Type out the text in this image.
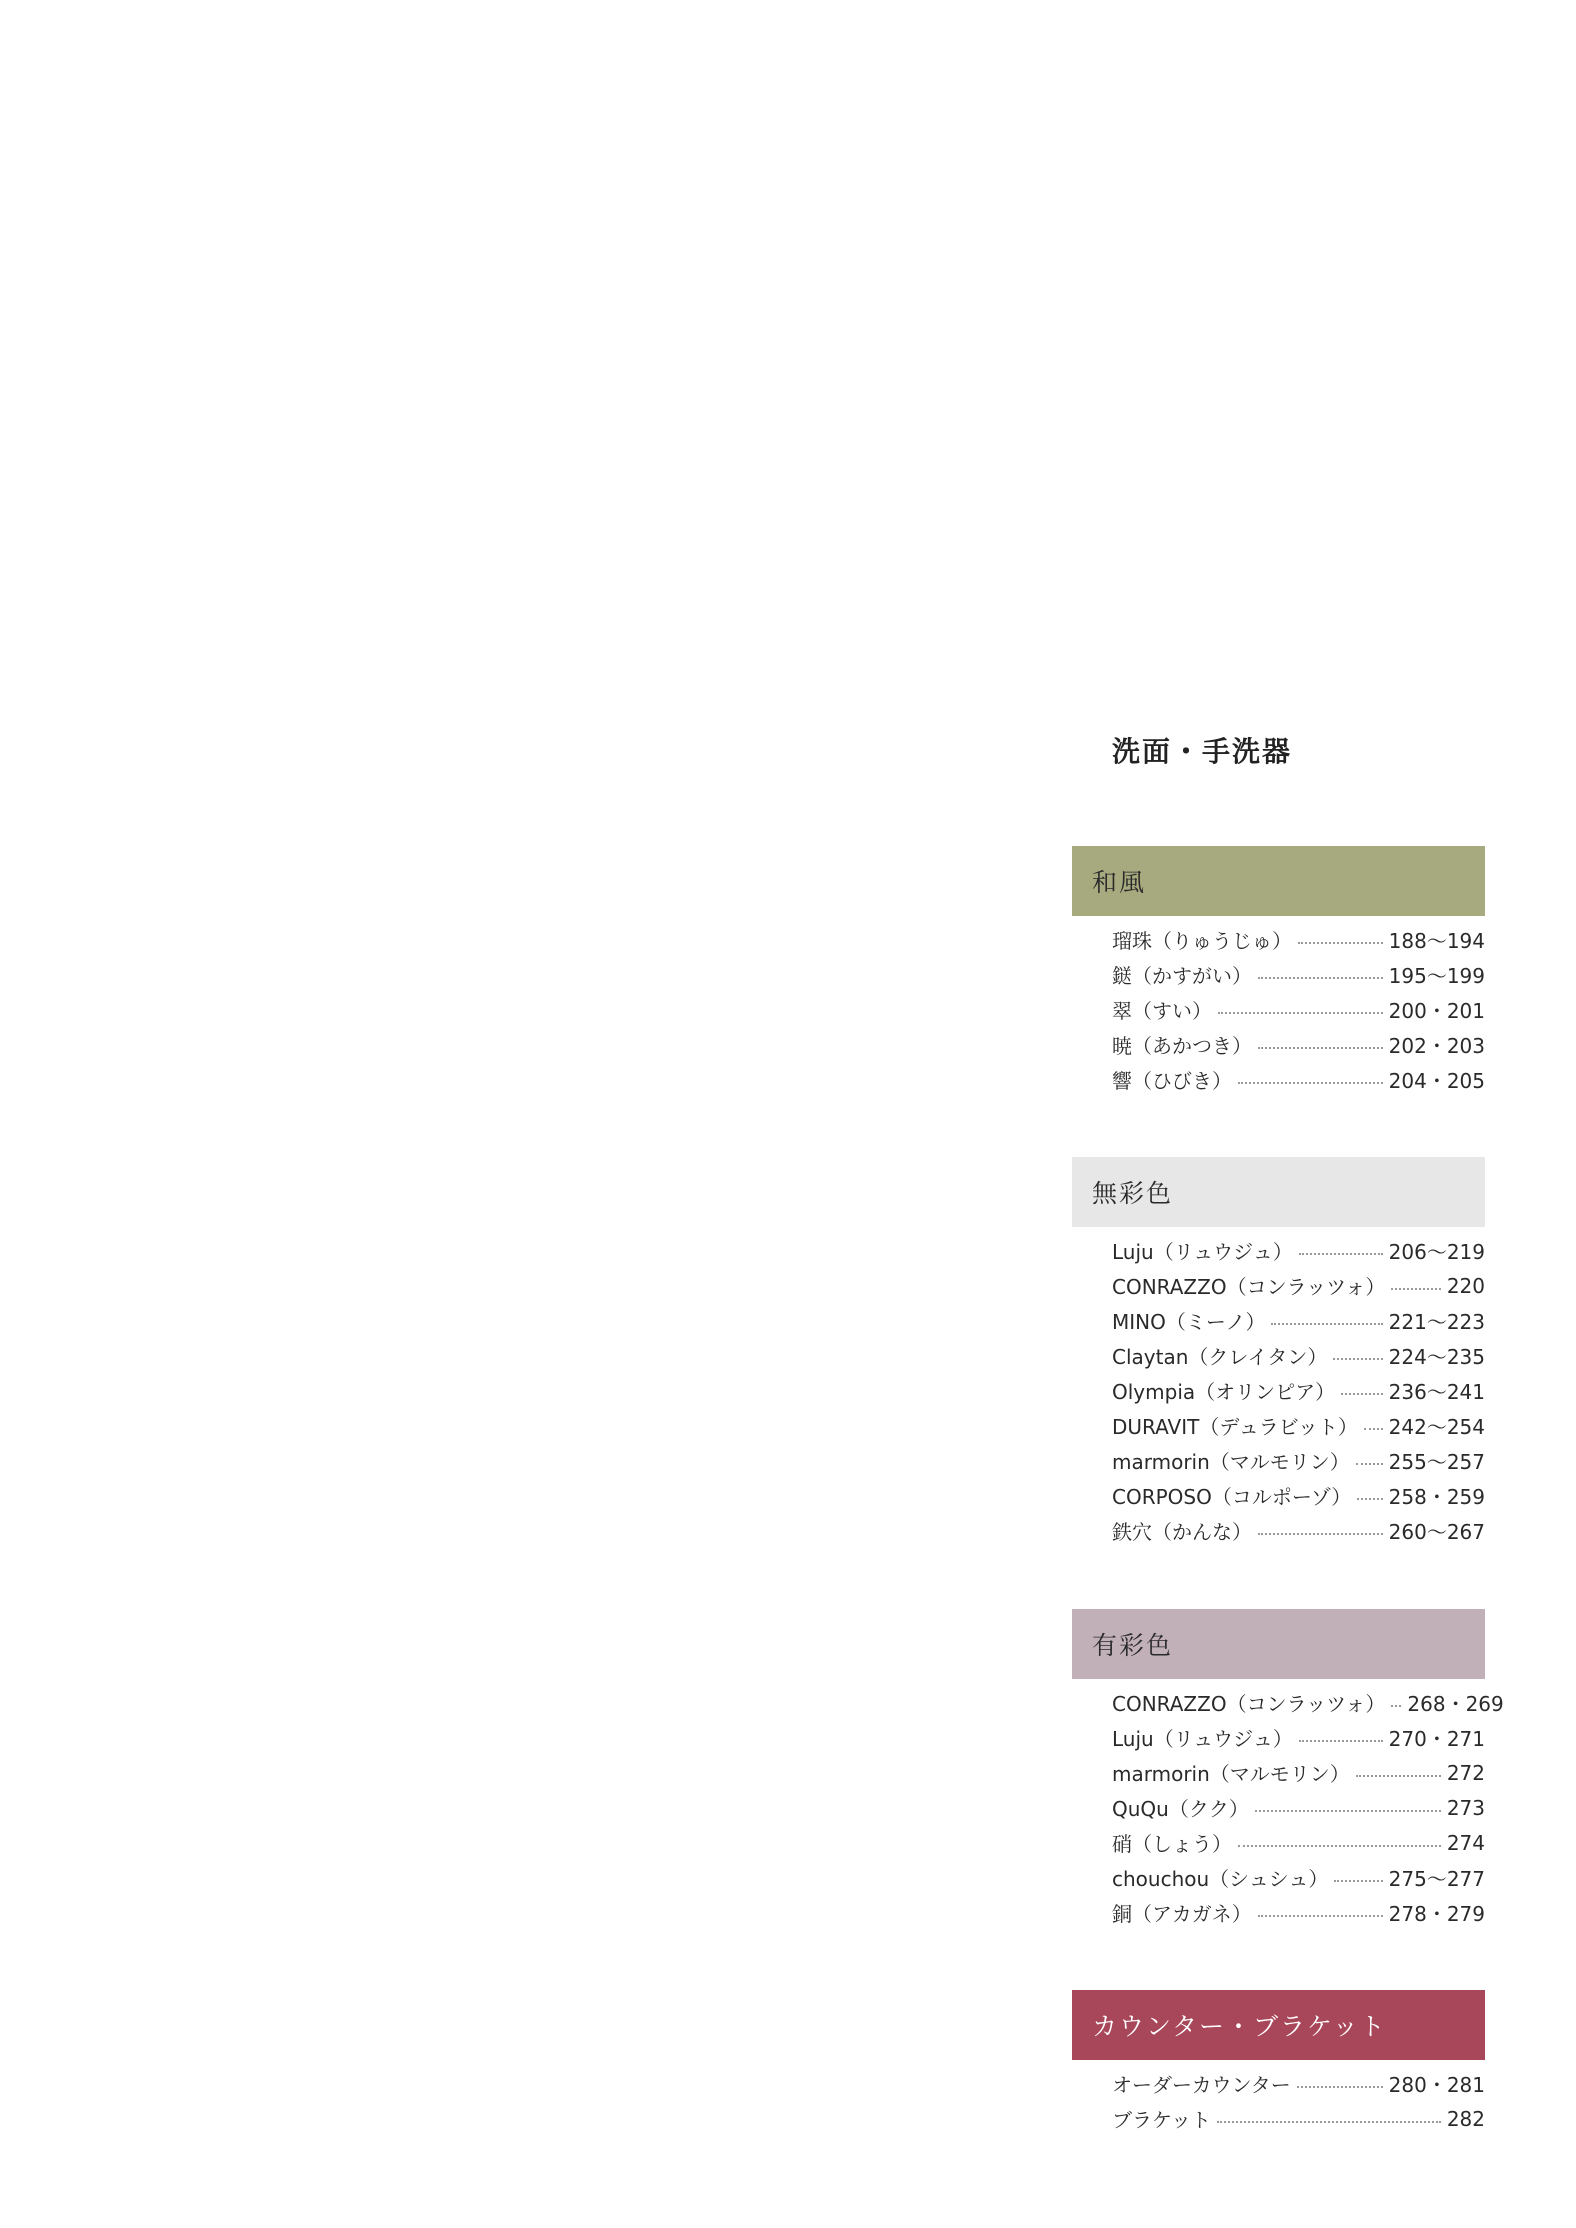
洗面・手洗器
和風
瑠珠（りゅうじゅ）	188〜194
鎹（かすがい）	195〜199
翠（すい）	200・201
暁（あかつき）	202・203
響（ひびき）	204・205
無彩色
Luju（リュウジュ）	206〜219
CONRAZZO（コンラッツォ）	220
MINO（ミーノ）	221〜223
Claytan（クレイタン）	224〜235
Olympia（オリンピア）	236〜241
DURAVIT（デュラビット） 242〜254
marmorin（マルモリン） 255〜257
CORPOSO（コルポーゾ） 258・259
鉄穴（かんな）	260〜267
有彩色
CONRAZZO（コンラッツォ） 268・269
Luju（リュウジュ）	270・271
marmorin（マルモリン）	272
QuQu（クク）	273
硝（しょう）	274
chouchou（シュシュ）	275〜277
銅（アカガネ）	278・279
カウンター・ブラケット
オーダーカウンター	280・281
ブラケット	282
